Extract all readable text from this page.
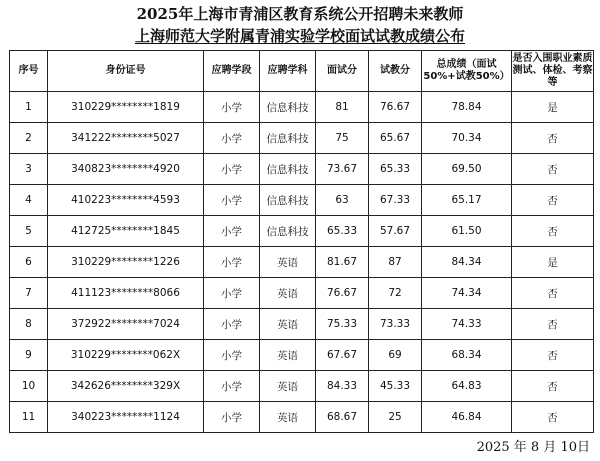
2025年上海市青浦区教育系统公开招聘未来教师
上海师范大学附属青浦实验学校面试试教成绩公布
序号	身份证号	应聘学段	应聘学科	面试分	试教分	总成绩（面试50%+试教50%）	是否入围职业素质测试、体检、考察等
1	310229********1819	小学	信息科技	81	76.67	78.84	是
2	341222********5027	小学	信息科技	75	65.67	70.34	否
3	340823********4920	小学	信息科技	73.67	65.33	69.50	否
4	410223********4593	小学	信息科技	63	67.33	65.17	否
5	412725********1845	小学	信息科技	65.33	57.67	61.50	否
6	310229********1226	小学	英语	81.67	87	84.34	是
7	411123********8066	小学	英语	76.67	72	74.34	否
8	372922********7024	小学	英语	75.33	73.33	74.33	否
9	310229********062X	小学	英语	67.67	69	68.34	否
10	342626********329X	小学	英语	84.33	45.33	64.83	否
11	340223********1124	小学	英语	68.67	25	46.84	否
2025 年 8 月 10日
